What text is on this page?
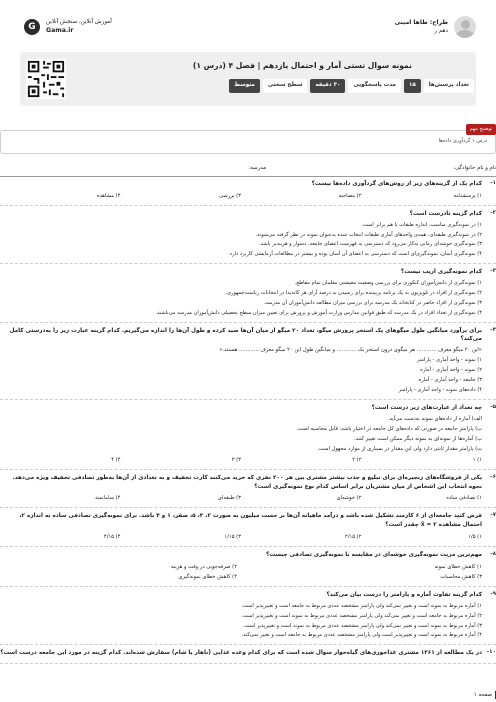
G	آموزش آنلاین، سنجش آنلاین
Gama.ir
طراح: طاها امینی
دهم ر
نمونه سوال تستی آمار و احتمال یازدهم | فصل ۴ (درس ۱)
تعداد پرسش‌ها
۱۵
مدت پاسخگویی
۳۰ دقیقه
سطح سختی
متوسط
درس ۱ گردآوری داده‌ها
توضیح مهم
نام و نام خانوادگی:
مدرسه:
۱-
کدام یک از گزینه‌های زیر از روش‌های گردآوری داده‌ها نیست؟
۱) پرسشنامه
۲) مصاحبه
۳) بررسی
۴) مشاهده
۲-
کدام گزینه نادرست است؟
۱) در نمونه‌گیری مناسب، اندازه طبقات با هم برابر است.
۲) در نمونه‌گیری طبقه‌ای، همه‌ی واحدهای آماری طبقات انتخاب شده به‌عنوان نمونه در نظر گرفته می‌شوند.
۳) نمونه‌گیری خوشه‌ای زمانی به‌کار می‌رود که دسترسی به فهرست اعضای جامعه، دشوار و هزینه‌بر باشد.
۴) نمونه‌گیری آسان، نمونه‌گیری‌ای است که دسترسی به اعضای آن آسان بوده و بیشتر در مطالعات آزمایشی کاربرد دارد.
۳-
کدام نمونه‌گیری اریب نیست؟
۱) نمونه‌گیری از دانش‌آموزان کنکوری برای بررسی وضعیت معیشتی معلمان تمام مقاطع.
۲) نمونه‌گیری از افراد در تلویزیون به یک برنامه پربیننده برای رسیدن به درصد آرای هر کاندیدا در انتخابات ریاست‌جمهوری.
۳) نمونه‌گیری از افراد حاضر در کتابخانه یک مدرسه برای بررسی میزان مطالعه دانش‌آموزان آن مدرسه.
۴) نمونه‌گیری از تعداد افراد در یک مدرسه که طبق قوانین مدارس وزارت آموزش و پرورش برای تعیین میزان سطح تحصیلی دانش‌آموزان مدرسه می‌باشند.
۴-
برای برآورد میانگین طول میگوهای یک استخر پرورش میگو، تعداد ۲۰ میگو از میان آن‌ها صید کرده و طول آن‌ها را اندازه می‌گیریم. کدام گزینه عبارت زیر را به‌درستی کامل می‌کند؟
«این ۲۰ میگو معرف ............ هر میگوی درون استخر یک ............ و میانگین طول این ۲۰ میگو معرف ............ هستند.»
۱) نمونه - واحد آماری - پارامتر
۲) نمونه - واحد آماری - آماره
۳) جامعه - واحد آماری - آماره
۴) داده‌های نمونه - واحد آماری - پارامتر
۵-
چه تعداد از عبارت‌های زیر درست است؟
الف) آماره از داده‌های نمونه به‌دست می‌آید.
ب) پارامتر جامعه در صورتی که داده‌های کل جامعه در اختیار باشد، قابل محاسبه است.
پ) آماره‌ها از نمونه‌ای به نمونه دیگر ممکن است تغییر کنند.
ت) پارامتر مقدار ثابتی دارد ولی این مقدار در بسیاری از موارد مجهول است.
۱) ۱
۲) ۲
۳) ۳
۴) ۴
۶-
یکی از فروشگاه‌های زنجیره‌ای برای تبلیغ و جذب بیشتر مشتری بین هر ۲۰۰ نفری که خرید می‌کنند کارت تخفیف و به تعدادی از آن‌ها به‌طور تصادفی تخفیف ویژه می‌دهد. نحوه انتخاب این اشخاص از میان مشتریان برابر اساس کدام نوع نمونه‌گیری است؟
۱) تصادفی ساده
۲) خوشه‌ای
۳) طبقه‌ای
۴) سامانمند
۷-
فرض کنید جامعه‌ای از ۶ کارمند تشکیل شده باشد و درآمد ماهیانه آن‌ها بر حسب میلیون به صورت ۲، ۳، ۵، صفر، ۱ و ۴ باشد. برای نمونه‌گیری تصادفی ساده به اندازه ۲، احتمال مشاهده x̄ = ۲ چقدر است؟
۱) ۱/۵
۲) ۲/۱۵
۳) ۱/۱۵
۴) ۴/۱۵
۸-
مهم‌ترین مزیت نمونه‌گیری خوشه‌ای در مقایسه با نمونه‌گیری تصادفی چیست؟
۱) کاهش خطای نمونه
۲) صرفه‌جویی در وقت و هزینه
۳) کاهش محاسبات
۴) کاهش خطای نمونه‌گیری
۹-
کدام گزینه تفاوت آماره و پارامتر را درست بیان می‌کند؟
۱) آماره مربوط به نمونه است و تغییر نمی‌کند ولی پارامتر مشخصه عددی مربوط به جامعه است و تغییرپذیر است.
۲) آماره مربوط به جامعه است و تغییر نمی‌کند ولی پارامتر مشخصه عددی مربوط به نمونه است و تغییرپذیر است.
۳) آماره مربوط به نمونه است و تغییر نمی‌کند ولی پارامتر مشخصه عددی مربوط به نمونه است و تغییرپذیر است.
۴) آماره مربوط به نمونه است و تغییرپذیر است ولی پارامتر مشخصه عددی مربوط به جامعه است و تغییر نمی‌کند.
۱۰-
در یک مطالعه از ۱۳۶۱ مشتری غذاخوری‌های گیاه‌خوار سوال شده است که برای کدام وعده غذایی (ناهار یا شام) سفارش شده‌اند. کدام گزینه در مورد این جامعه درست است؟
صفحه ۱
